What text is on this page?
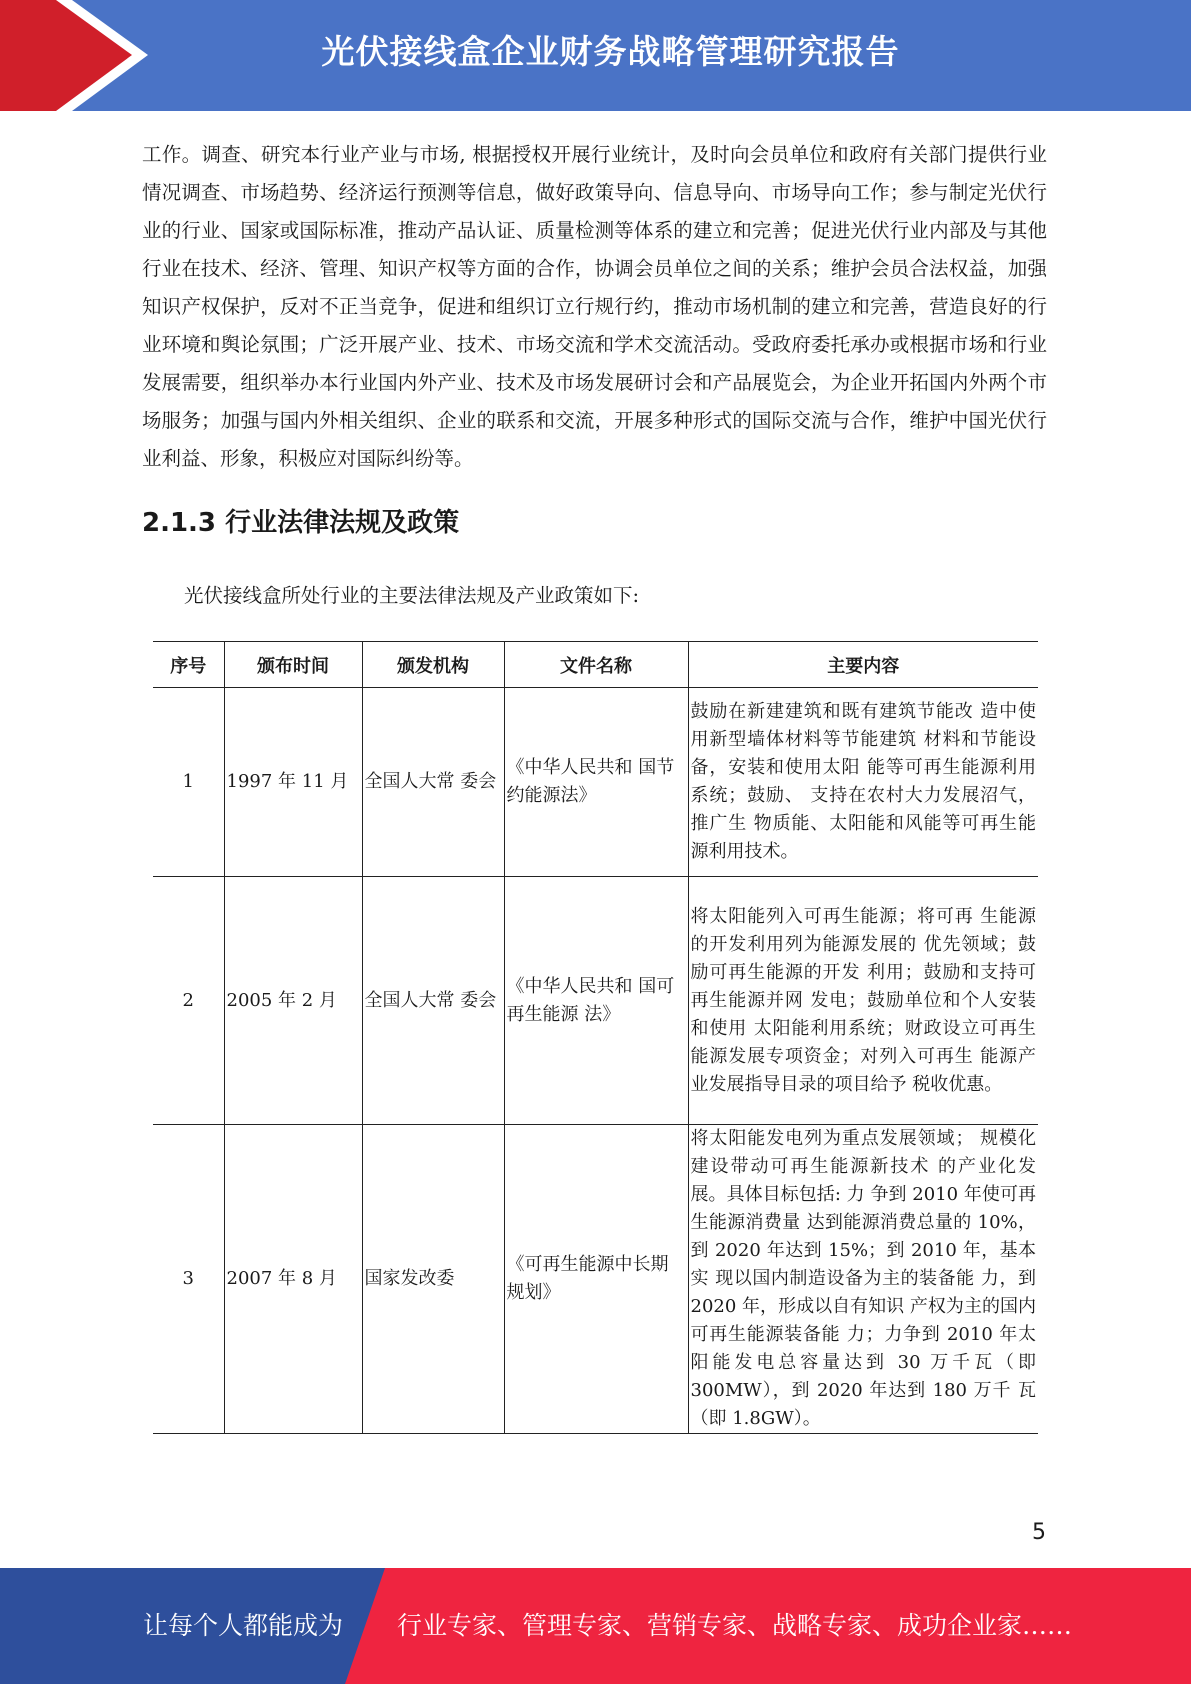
光伏接线盒企业财务战略管理研究报告

工作。调查、研究本行业产业与市场, 根据授权开展行业统计，及时向会员单位和政府有关部门提供行业情况调查、市场趋势、经济运行预测等信息，做好政策导向、信息导向、市场导向工作；参与制定光伏行业的行业、国家或国际标准，推动产品认证、质量检测等体系的建立和完善；促进光伏行业内部及与其他行业在技术、经济、管理、知识产权等方面的合作，协调会员单位之间的关系；维护会员合法权益，加强知识产权保护，反对不正当竞争，促进和组织订立行规行约，推动市场机制的建立和完善，营造良好的行业环境和舆论氛围；广泛开展产业、技术、市场交流和学术交流活动。受政府委托承办或根据市场和行业发展需要，组织举办本行业国内外产业、技术及市场发展研讨会和产品展览会，为企业开拓国内外两个市场服务；加强与国内外相关组织、企业的联系和交流，开展多种形式的国际交流与合作，维护中国光伏行业利益、形象，积极应对国际纠纷等。

2.1.3 行业法律法规及政策

光伏接线盒所处行业的主要法律法规及产业政策如下:

序号	颁布时间	颁发机构	文件名称	主要内容
1	1997 年 11 月	全国人大常 委会	《中华人民共和 国节约能源法》	鼓励在新建建筑和既有建筑节能改 造中使用新型墙体材料等节能建筑 材料和节能设备，安装和使用太阳 能等可再生能源利用系统；鼓励、 支持在农村大力发展沼气，推广生 物质能、太阳能和风能等可再生能 源利用技术。
2	2005 年 2 月	全国人大常 委会	《中华人民共和 国可再生能源 法》	将太阳能列入可再生能源；将可再 生能源的开发利用列为能源发展的 优先领域；鼓励可再生能源的开发 利用；鼓励和支持可再生能源并网 发电；鼓励单位和个人安装和使用 太阳能利用系统；财政设立可再生 能源发展专项资金；对列入可再生 能源产业发展指导目录的项目给予 税收优惠。
3	2007 年 8 月	国家发改委	《可再生能源中长期规划》	将太阳能发电列为重点发展领域； 规模化建设带动可再生能源新技术 的产业化发展。具体目标包括: 力 争到 2010 年使可再生能源消费量 达到能源消费总量的 10%，到 2020 年达到 15%；到 2010 年，基本实 现以国内制造设备为主的装备能 力，到 2020 年，形成以自有知识 产权为主的国内可再生能源装备能 力；力争到 2010 年太阳能发电总容量达到 30 万千瓦（即 300MW），到 2020 年达到 180 万千 瓦（即 1.8GW）。
5
让每个人都能成为 行业专家、管理专家、营销专家、战略专家、成功企业家……
